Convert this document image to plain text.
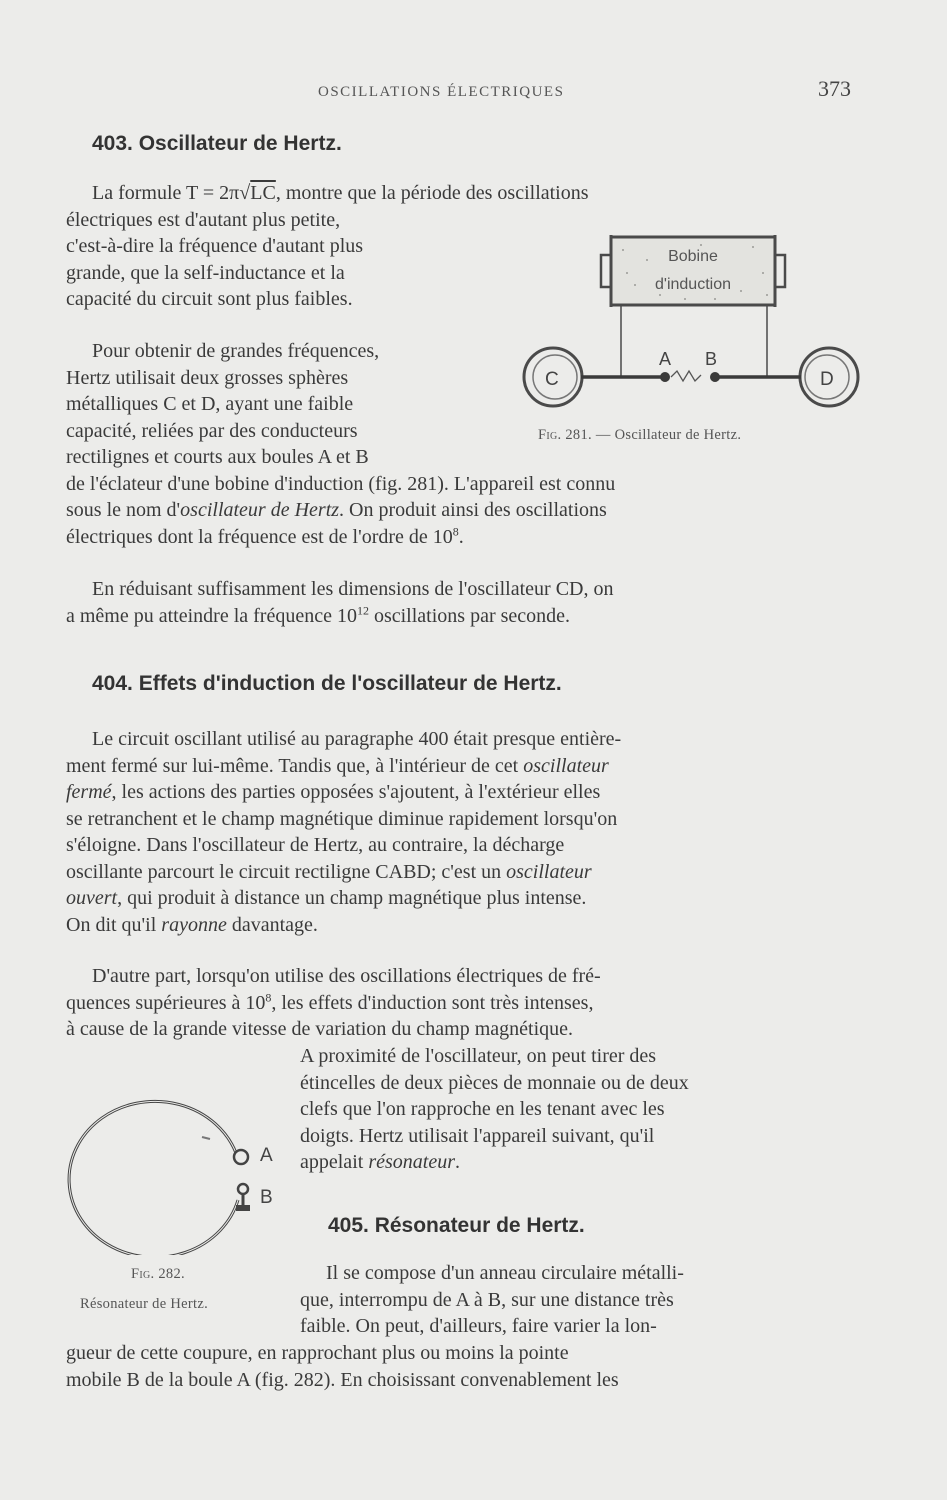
OSCILLATIONS ÉLECTRIQUES	373
403. Oscillateur de Hertz.
La formule T = 2π√LC, montre que la période des oscillations
électriques est d'autant plus petite,
c'est-à-dire la fréquence d'autant plus
grande, que la self-inductance et la
capacité du circuit sont plus faibles.
Pour obtenir de grandes fréquences,
Hertz utilisait deux grosses sphères
métalliques C et D, ayant une faible
capacité, reliées par des conducteurs
rectilignes et courts aux boules A et B
de l'éclateur d'une bobine d'induction (fig. 281). L'appareil est connu
sous le nom d'oscillateur de Hertz. On produit ainsi des oscillations
électriques dont la fréquence est de l'ordre de $10^8$.
Bobine
d'induction
C	D
A B
Fig. 281. — Oscillateur de Hertz.
En réduisant suffisamment les dimensions de l'oscillateur CD, on
a même pu atteindre la fréquence $10^{12}$ oscillations par seconde.
404. Effets d'induction de l'oscillateur de Hertz.
Le circuit oscillant utilisé au paragraphe 400 était presque entière-
ment fermé sur lui-même. Tandis que, à l'intérieur de cet oscillateur
fermé, les actions des parties opposées s'ajoutent, à l'extérieur elles
se retranchent et le champ magnétique diminue rapidement lorsqu'on
s'éloigne. Dans l'oscillateur de Hertz, au contraire, la décharge
oscillante parcourt le circuit rectiligne CABD; c'est un oscillateur
ouvert, qui produit à distance un champ magnétique plus intense.
On dit qu'il rayonne davantage.
D'autre part, lorsqu'on utilise des oscillations électriques de fré-
quences supérieures à $10^8$, les effets d'induction sont très intenses,
à cause de la grande vitesse de variation du champ magnétique.
A proximité de l'oscillateur, on peut tirer des
étincelles de deux pièces de monnaie ou de deux
clefs que l'on rapproche en les tenant avec les
doigts. Hertz utilisait l'appareil suivant, qu'il
appelait résonateur.
A
B
Fig. 282.
Résonateur de Hertz.
405. Résonateur de Hertz.
Il se compose d'un anneau circulaire métalli-
que, interrompu de A à B, sur une distance très
faible. On peut, d'ailleurs, faire varier la lon-
gueur de cette coupure, en rapprochant plus ou moins la pointe
mobile B de la boule A (fig. 282). En choisissant convenablement les
